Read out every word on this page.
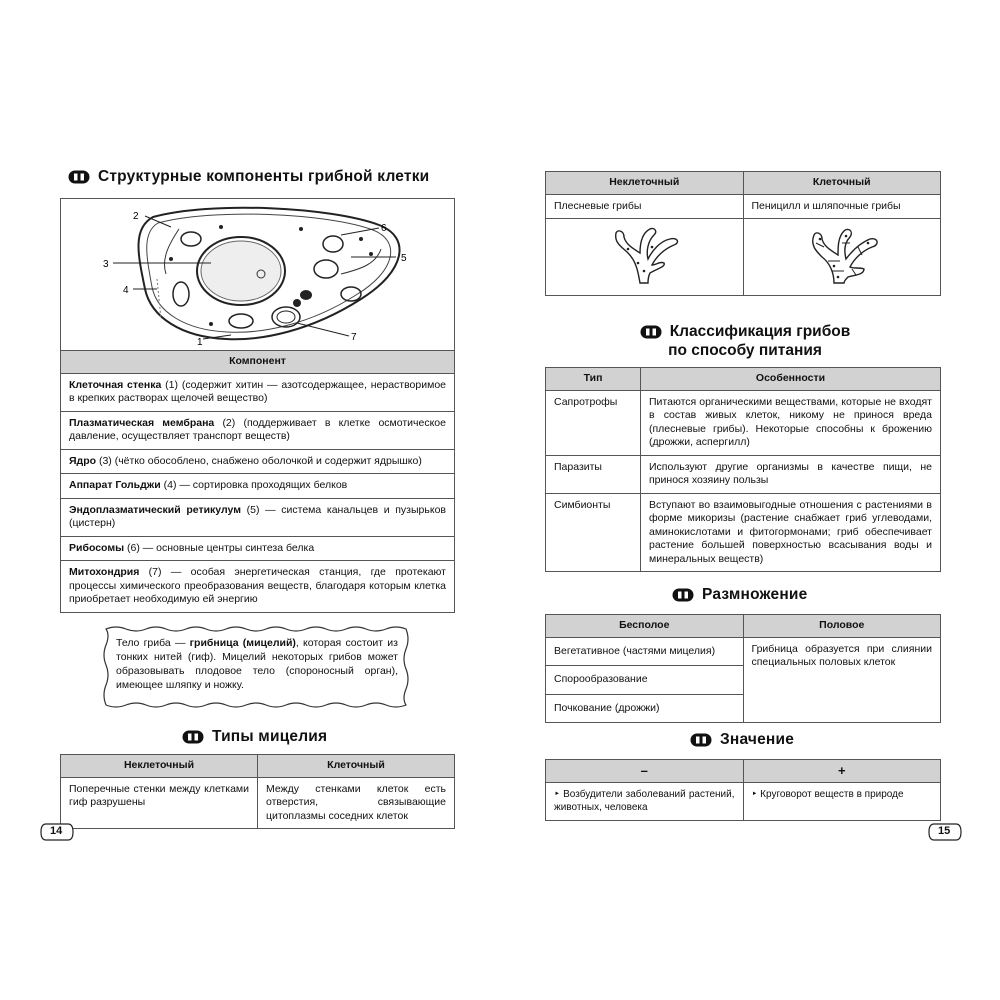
Структурные компоненты грибной клетки
1
2
3
4
5
6
7
Компонент
Клеточная стенка (1) (содержит хитин — азотсодержащее, нерастворимое в крепких растворах щелочей вещество)
Плазматическая мембрана (2) (поддерживает в клетке осмотическое давление, осуществляет транспорт веществ)
Ядро (3) (чётко обособлено, снабжено оболочкой и содержит ядрышко)
Аппарат Гольджи (4) — сортировка проходящих белков
Эндоплазматический ретикулум (5) — система канальцев и пузырьков (цистерн)
Рибосомы (6) — основные центры синтеза белка
Митохондрия (7) — особая энергетическая станция, где протекают процессы химического преобразования веществ, благодаря которым клетка приобретает необходимую ей энергию
Тело гриба — грибница (мицелий), которая состоит из тонких нитей (гиф). Мицелий некоторых грибов может образовывать плодовое тело (спороносный орган), имеющее шляпку и ножку.
Типы мицелия
Неклеточный	Клеточный
Поперечные стенки между клетками гиф разрушены	Между стенками клеток есть отверстия, связывающие цитоплазмы соседних клеток
14
Неклеточный	Клеточный
Плесневые грибы	Пеницилл и шляпочные грибы

Классификация грибов
по способу питания
Тип	Особенности
Сапротрофы	Питаются органическими веществами, которые не входят в состав живых клеток, никому не принося вреда (плесневые грибы). Некоторые способны к брожению (дрожжи, аспергилл)
Паразиты	Используют другие организмы в качестве пищи, не принося хозяину пользы
Симбионты	Вступают во взаимовыгодные отношения с растениями в форме микоризы (растение снабжает гриб углеводами, аминокислотами и фитогормонами; гриб обеспечивает растение большей поверхностью всасывания воды и минеральных веществ)
Размножение
Бесполое	Половое
Вегетативное (частями мицелия)	Грибница образуется при слиянии специальных половых клеток
Спорообразование	
Почкование (дрожжи)	
Значение
–	+
‣ Возбудители заболеваний растений, животных, человека	‣ Круговорот веществ в природе
15
